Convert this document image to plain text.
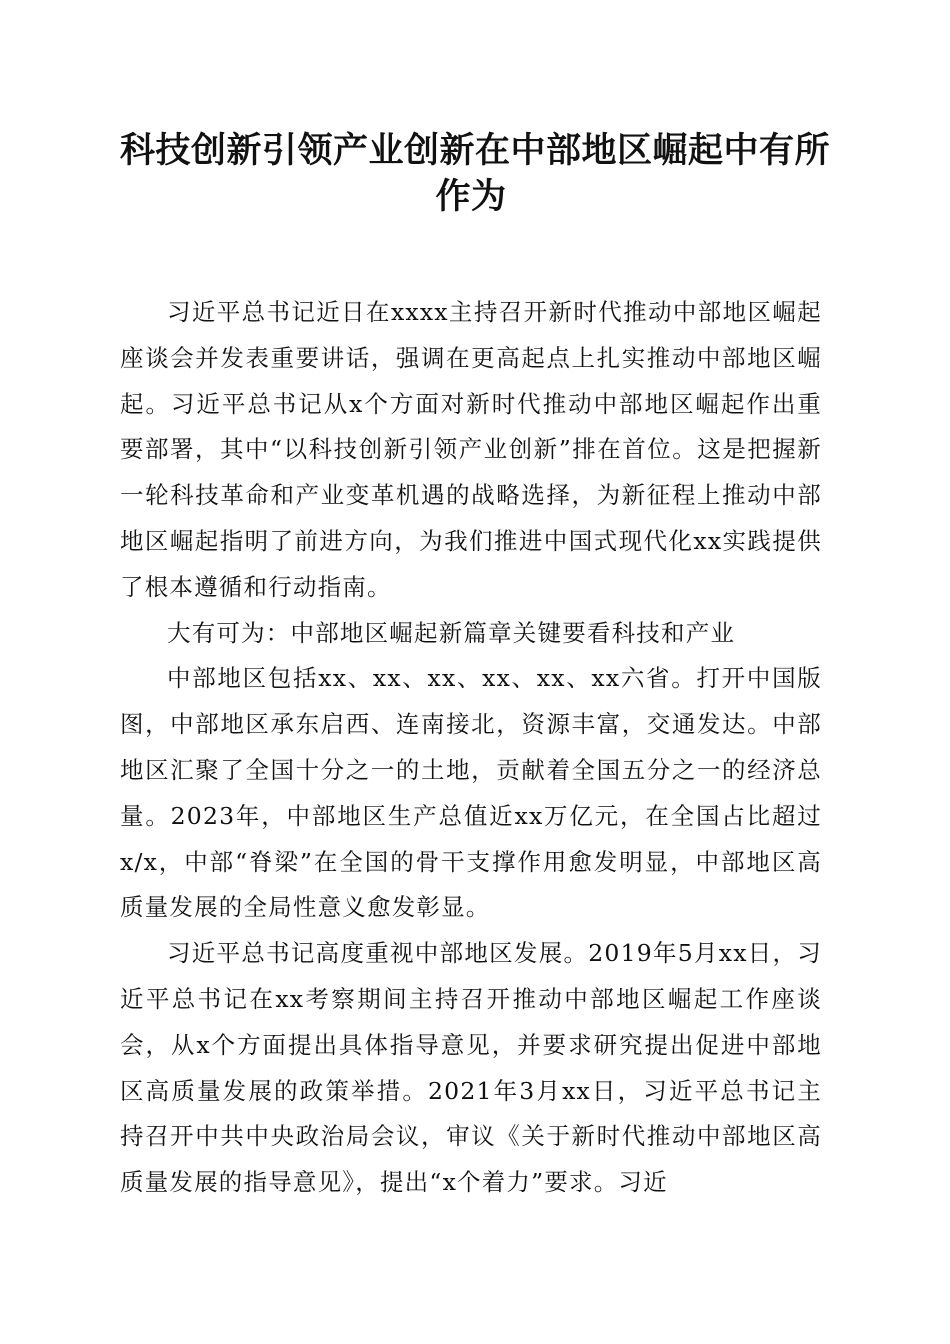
科技创新引领产业创新在中部地区崛起中有所
作为

习近平总书记近日在xxxx主持召开新时代推动中部地区崛起座谈会并发表重要讲话，强调在更高起点上扎实推动中部地区崛起。习近平总书记从x个方面对新时代推动中部地区崛起作出重要部署，其中“以科技创新引领产业创新”排在首位。这是把握新一轮科技革命和产业变革机遇的战略选择，为新征程上推动中部地区崛起指明了前进方向，为我们推进中国式现代化xx实践提供了根本遵循和行动指南。

大有可为：中部地区崛起新篇章关键要看科技和产业

中部地区包括xx、xx、xx、xx、xx、xx六省。打开中国版图，中部地区承东启西、连南接北，资源丰富，交通发达。中部地区汇聚了全国十分之一的土地，贡献着全国五分之一的经济总量。2023年，中部地区生产总值近xx万亿元，在全国占比超过x/x，中部“脊梁”在全国的骨干支撑作用愈发明显，中部地区高质量发展的全局性意义愈发彰显。

习近平总书记高度重视中部地区发展。2019年5月xx日，习近平总书记在xx考察期间主持召开推动中部地区崛起工作座谈会，从x个方面提出具体指导意见，并要求研究提出促进中部地区高质量发展的政策举措。2021年3月xx日，习近平总书记主持召开中共中央政治局会议，审议《关于新时代推动中部地区高质量发展的指导意见》，提出“x个着力”要求。习近
